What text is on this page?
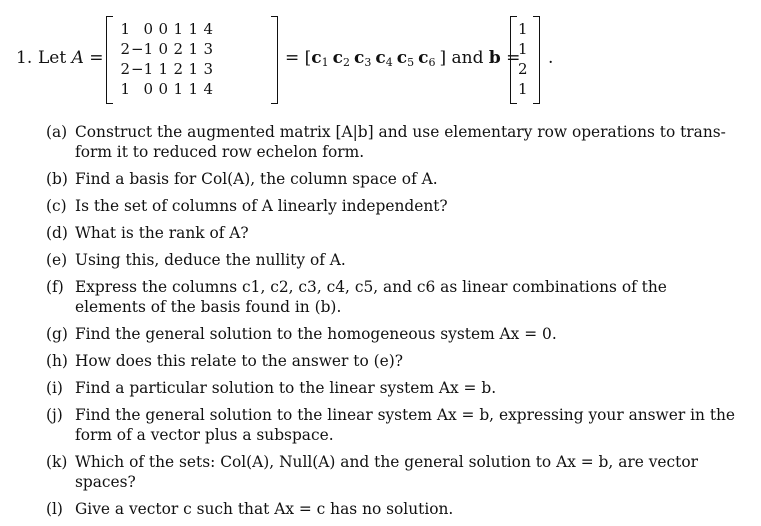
1. Let A =
1 0 0 1 1 4
2 −1 0 2 1 3
2 −1 1 2 1 3
1 0 0 1 1 4
= [$c_1$ $c_2$ $c_3$ $c_4$ $c_5$ $c_6$ ] and b =
1
1
2
1
.
(a) Construct the augmented matrix [A|b] and use elementary row operations to trans-form it to reduced row echelon form.
(b) Find a basis for Col(A), the column space of A.
(c) Is the set of columns of A linearly independent?
(d) What is the rank of A?
(e) Using this, deduce the nullity of A.
(f) Express the columns c1, c2, c3, c4, c5, and c6 as linear combinations of the elements of the basis found in (b).
(g) Find the general solution to the homogeneous system Ax = 0.
(h) How does this relate to the answer to (e)?
(i) Find a particular solution to the linear system Ax = b.
(j) Find the general solution to the linear system Ax = b, expressing your answer in the form of a vector plus a subspace.
(k) Which of the sets: Col(A), Null(A) and the general solution to Ax = b, are vector spaces?
(l) Give a vector c such that Ax = c has no solution.
